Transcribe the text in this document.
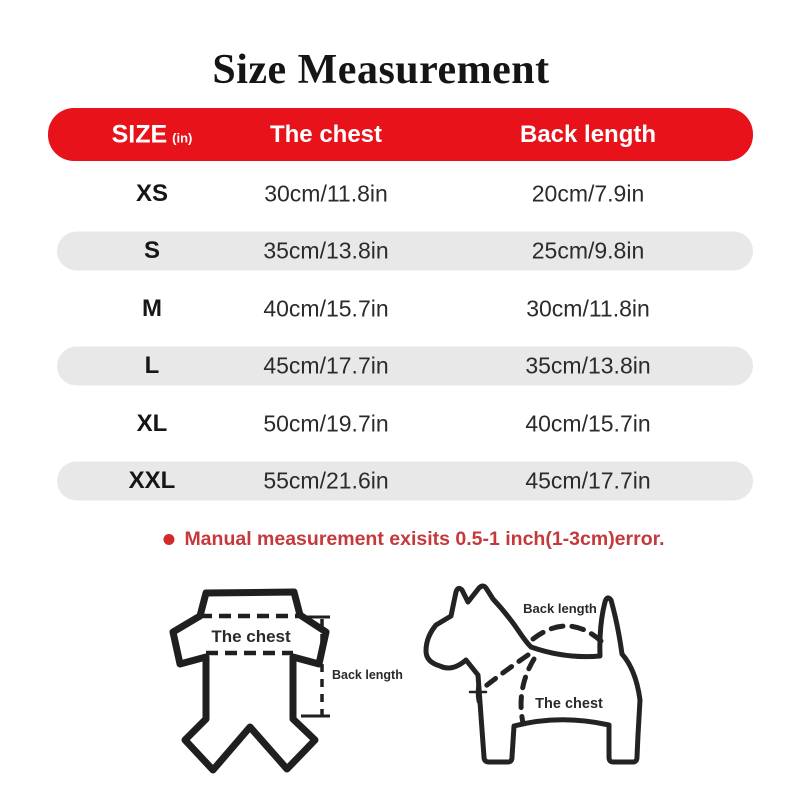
Size Measurement
SIZE (in)	The chest	Back length
XS	30cm/11.8in	20cm/7.9in
S	35cm/13.8in	25cm/9.8in
M	40cm/15.7in	30cm/11.8in
L	45cm/17.7in	35cm/13.8in
XL	50cm/19.7in	40cm/15.7in
XXL	55cm/21.6in	45cm/17.7in
Manual measurement exisits 0.5-1 inch(1-3cm)error.
The chest
Back length
Back length
The chest
